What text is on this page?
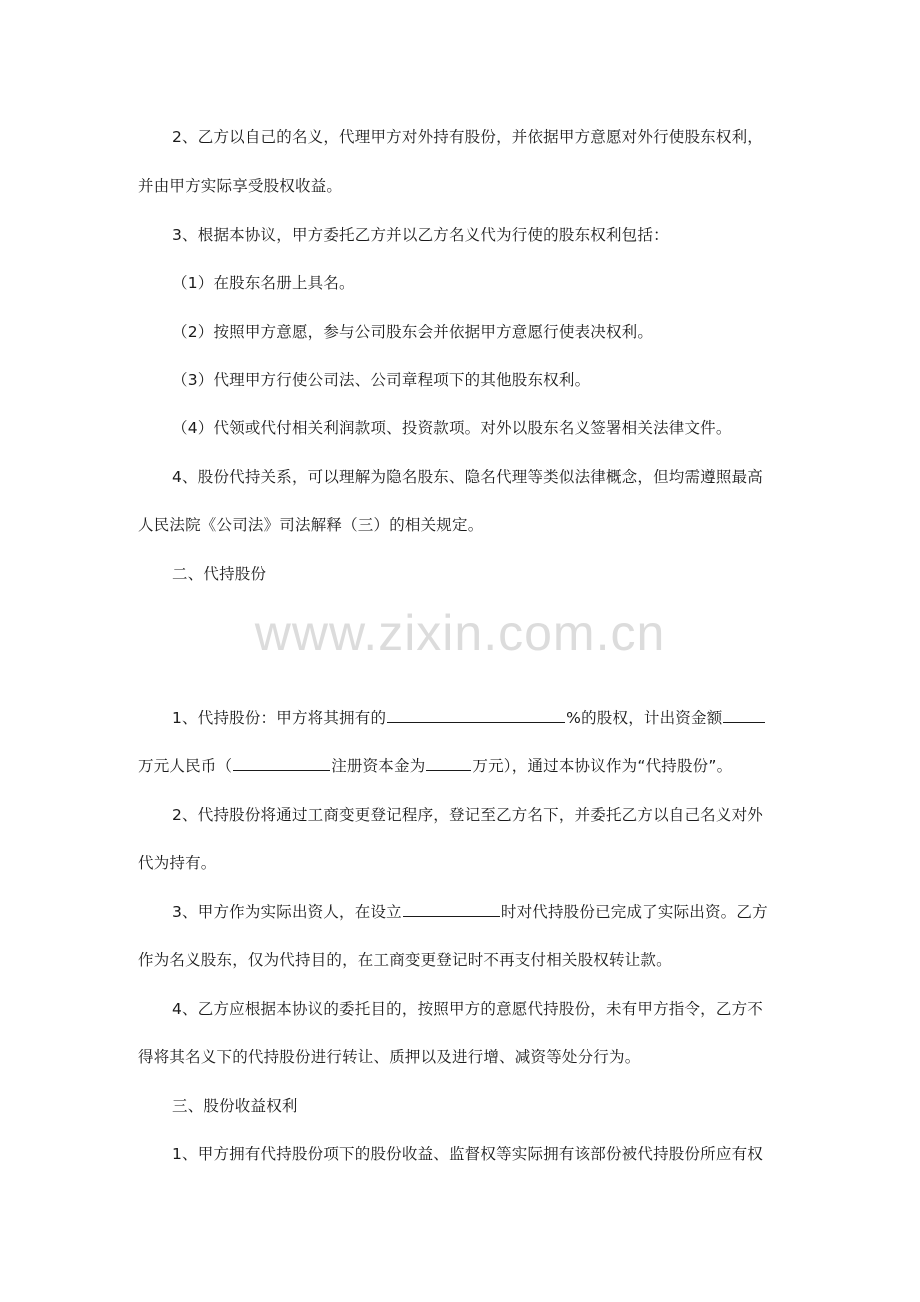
2、乙方以自己的名义，代理甲方对外持有股份，并依据甲方意愿对外行使股东权利，
并由甲方实际享受股权收益。
3、根据本协议，甲方委托乙方并以乙方名义代为行使的股东权利包括：
（1）在股东名册上具名。
（2）按照甲方意愿，参与公司股东会并依据甲方意愿行使表决权利。
（3）代理甲方行使公司法、公司章程项下的其他股东权利。
（4）代领或代付相关利润款项、投资款项。对外以股东名义签署相关法律文件。
4、股份代持关系，可以理解为隐名股东、隐名代理等类似法律概念，但均需遵照最高
人民法院《公司法》司法解释（三）的相关规定。
二、代持股份
www.zixin.com.cn
1、代持股份：甲方将其拥有的	%的股权，计出资金额
万元人民币（	注册资本金为	万元），通过本协议作为“代持股份”。
2、代持股份将通过工商变更登记程序，登记至乙方名下，并委托乙方以自己名义对外
代为持有。
3、甲方作为实际出资人，在设立	时对代持股份已完成了实际出资。乙方
作为名义股东，仅为代持目的，在工商变更登记时不再支付相关股权转让款。
4、乙方应根据本协议的委托目的，按照甲方的意愿代持股份，未有甲方指令，乙方不
得将其名义下的代持股份进行转让、质押以及进行增、减资等处分行为。
三、股份收益权利
1、甲方拥有代持股份项下的股份收益、监督权等实际拥有该部份被代持股份所应有权
